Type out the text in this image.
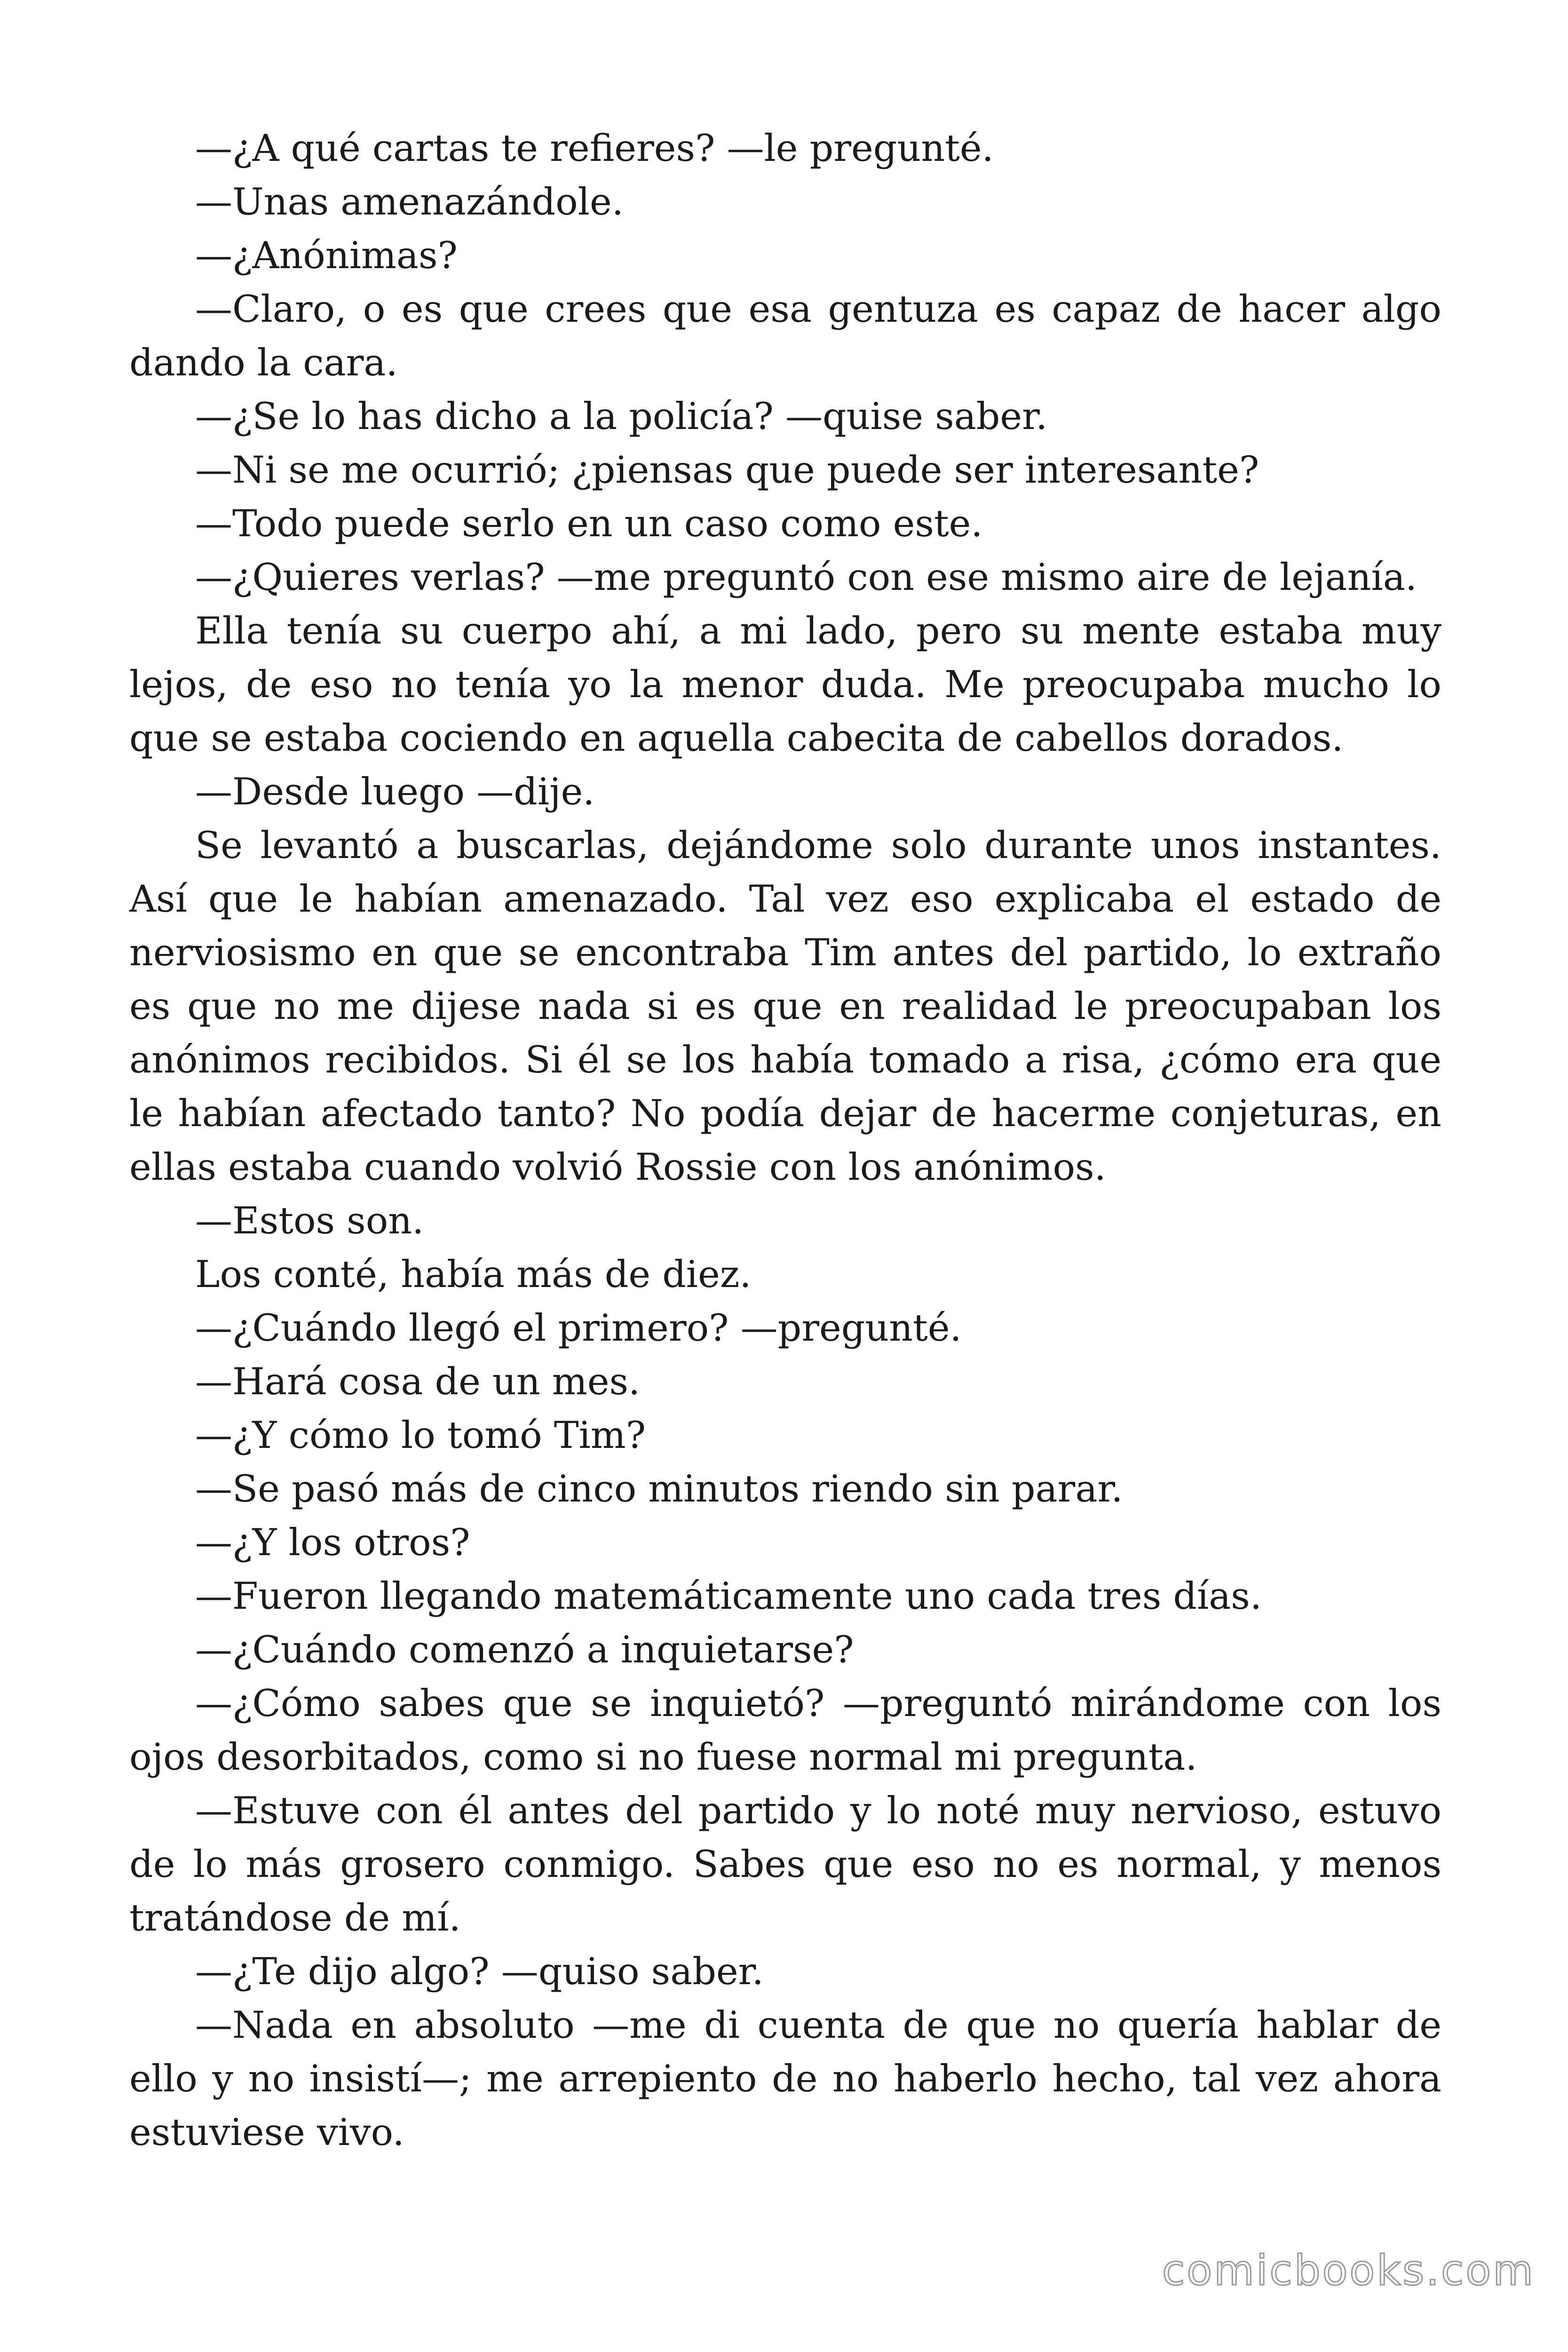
—¿A qué cartas te refieres? —le pregunté.

—Unas amenazándole.

—¿Anónimas?

—Claro, o es que crees que esa gentuza es capaz de hacer algo dando la cara.

—¿Se lo has dicho a la policía? —quise saber.

—Ni se me ocurrió; ¿piensas que puede ser interesante?

—Todo puede serlo en un caso como este.

—¿Quieres verlas? —me preguntó con ese mismo aire de lejanía.

Ella tenía su cuerpo ahí, a mi lado, pero su mente estaba muy lejos, de eso no tenía yo la menor duda. Me preocupaba mucho lo que se estaba cociendo en aquella cabecita de cabellos dorados.

—Desde luego —dije.

Se levantó a buscarlas, dejándome solo durante unos instantes. Así que le habían amenazado. Tal vez eso explicaba el estado de nerviosismo en que se encontraba Tim antes del partido, lo extraño es que no me dijese nada si es que en realidad le preocupaban los anónimos recibidos. Si él se los había tomado a risa, ¿cómo era que le habían afectado tanto? No podía dejar de hacerme conjeturas, en ellas estaba cuando volvió Rossie con los anónimos.

—Estos son.

Los conté, había más de diez.

—¿Cuándo llegó el primero? —pregunté.

—Hará cosa de un mes.

—¿Y cómo lo tomó Tim?

—Se pasó más de cinco minutos riendo sin parar.

—¿Y los otros?

—Fueron llegando matemáticamente uno cada tres días.

—¿Cuándo comenzó a inquietarse?

—¿Cómo sabes que se inquietó? —preguntó mirándome con los ojos desorbitados, como si no fuese normal mi pregunta.

—Estuve con él antes del partido y lo noté muy nervioso, estuvo de lo más grosero conmigo. Sabes que eso no es normal, y menos tratándose de mí.

—¿Te dijo algo? —quiso saber.

—Nada en absoluto —me di cuenta de que no quería hablar de ello y no insistí—; me arrepiento de no haberlo hecho, tal vez ahora estuviese vivo.

comicbooks.com
